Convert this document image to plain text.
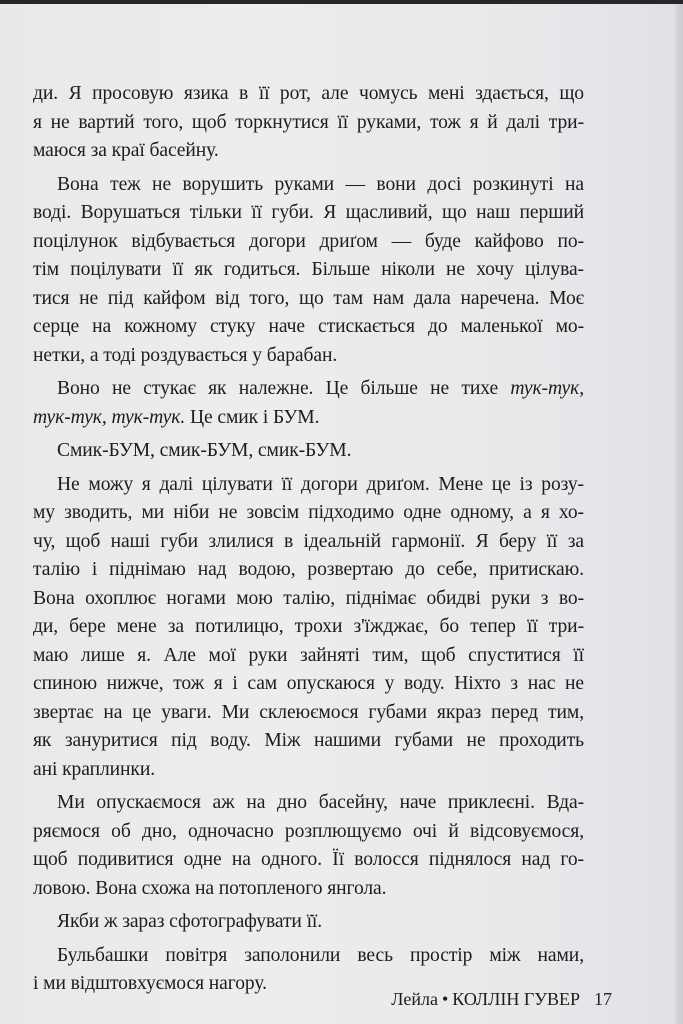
ди. Я просовую язика в її рот, але чомусь мені здається, що
я не вартий того, щоб торкнутися її руками, тож я й далі три-
маюся за краї басейну.

Вона теж не ворушить руками — вони досі розкинуті на
воді. Ворушаться тільки її губи. Я щасливий, що наш перший
поцілунок відбувається догори дриґом — буде кайфово по-
тім поцілувати її як годиться. Більше ніколи не хочу цілува-
тися не під кайфом від того, що там нам дала наречена. Моє
серце на кожному стуку наче стискається до маленької мо-
нетки, а тоді роздувається у барабан.

Воно не стукає як належне. Це більше не тихе тук-тук,
тук-тук, тук-тук. Це смик і БУМ.

Смик-БУМ, смик-БУМ, смик-БУМ.

Не можу я далі цілувати її догори дриґом. Мене це із розу-
му зводить, ми ніби не зовсім підходимо одне одному, а я хо-
чу, щоб наші губи злилися в ідеальній гармонії. Я беру її за
талію і піднімаю над водою, розвертаю до себе, притискаю.
Вона охоплює ногами мою талію, піднімає обидві руки з во-
ди, бере мене за потилицю, трохи з'їжджає, бо тепер її три-
маю лише я. Але мої руки зайняті тим, щоб спуститися її
спиною нижче, тож я і сам опускаюся у воду. Ніхто з нас не
звертає на це уваги. Ми склеюємося губами якраз перед тим,
як зануритися під воду. Між нашими губами не проходить
ані краплинки.

Ми опускаємося аж на дно басейну, наче приклеєні. Вда-
ряємося об дно, одночасно розплющуємо очі й відсовуємося,
щоб подивитися одне на одного. Її волосся піднялося над го-
ловою. Вона схожа на потопленого янгола.

Якби ж зараз сфотографувати її.

Бульбашки повітря заполонили весь простір між нами,
і ми відштовхуємося нагору.

Лейла • КОЛЛІН ГУВЕР 17
